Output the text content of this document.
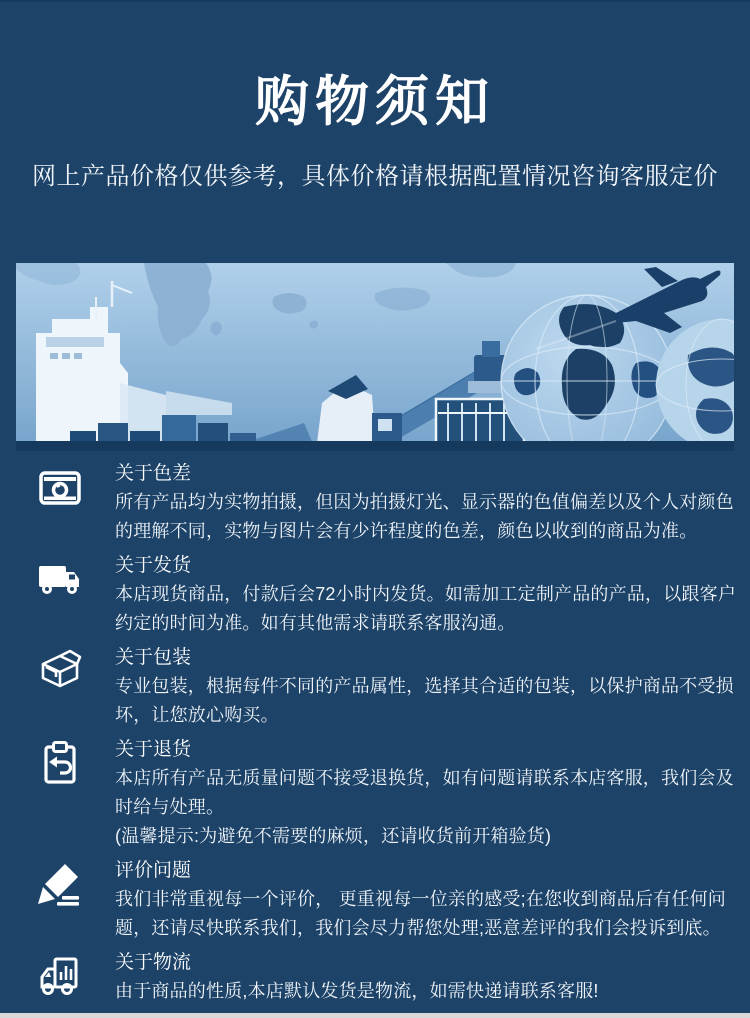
购物须知
网上产品价格仅供参考，具体价格请根据配置情况咨询客服定价
关于色差
所有产品均为实物拍摄，但因为拍摄灯光、显示器的色值偏差以及个人对颜色的理解不同，实物与图片会有少许程度的色差，颜色以收到的商品为准。
关于发货
本店现货商品，付款后会72小时内发货。如需加工定制产品的产品，以跟客户约定的时间为准。如有其他需求请联系客服沟通。
关于包装
专业包装，根据每件不同的产品属性，选择其合适的包装，以保护商品不受损坏，让您放心购买。
关于退货
本店所有产品无质量问题不接受退换货，如有问题请联系本店客服，我们会及时给与处理。
(温馨提示:为避免不需要的麻烦，还请收货前开箱验货)
评价问题
我们非常重视每一个评价， 更重视每一位亲的感受;在您收到商品后有任何问题，还请尽快联系我们，我们会尽力帮您处理;恶意差评的我们会投诉到底。
关于物流
由于商品的性质,本店默认发货是物流，如需快递请联系客服!
